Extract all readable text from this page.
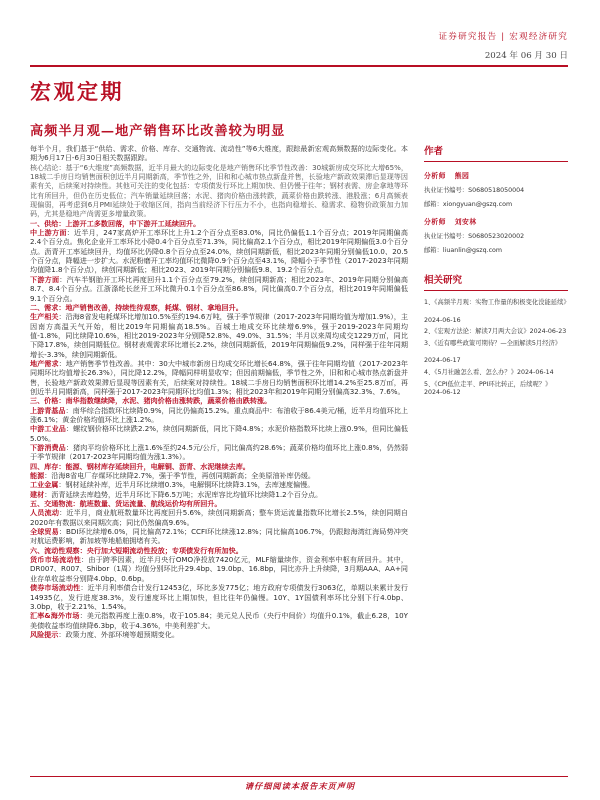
证券研究报告 | 宏观经济研究
2024 年 06 月 30 日
宏观定期
高频半月观—地产销售环比改善较为明显

每半个月，我们基于“供给、需求、价格、库存、交通物流、流动性”等6大维度，跟踪最新宏观高频数据的边际变化。本期为6月17日-6月30日相关数据跟踪。

核心结论：基于“6大维度”高频数据，近半月最大的边际变化是地产销售环比季节性改善：30城新房成交环比大增65%，18城二手房日均销售面积创近半月同期新高，季节性之外，旧和和心城市热点新盘并售，长验地产新政效果滞后显现等因素有关，后续案对持续性。其他可关注的变化包括：专项债发行环比上期加快、但仍慢于往年；钢材表需、房企拿地等环比有所回升，但仍在历史低位；汽车销量延续回落；水泥、猪肉价格由涨转跌，蔬菜价格由跌转涨、港股涨；6月高频表现偏弱，再考虑到6月PMI延续处于收缩区间，指向当前经济下行压力不小，也指向稳增长、稳需求、稳物价政策加力加码，尤其是稳地产尚需更多增量政策。

一、供给：上游开工多数回落，中下游开工延续回升。

中上游方面：近半月，247家高炉开工率环比上升1.2个百分点至83.0%，同比仍偏低1.1个百分点；2019年同期偏高2.4个百分点。焦化企业开工率环比小降0.4个百分点至71.3%，同比偏高2.1个百分点，相比2019年同期偏低3.0个百分点。沥青开工率延续回升，均值环比仍降0.8个百分点至24.0%，续创同期新低，相比2023年同期分别偏低10.0、20.5个百分点，降幅进一步扩大。水泥粉磨开工率均值环比微降0.9个百分点至43.1%，降幅小于季节性（2017-2023年同期均值降1.8个百分点），续创同期新低；相比2023、2019年同期分别偏低9.8、19.2个百分点。

下游方面：汽车半钢胎开工环比再度回升1.1个百分点至79.2%，续创同期新高；相比2023年、2019年同期分别偏高8.7、8.4个百分点。江浙涤纶长丝开工环比微升0.1个百分点至86.8%，同比偏高0.7个百分点，相比2019年同期偏低9.1个百分点。

二、需求：地产销售改善，持续性待观察，耗煤、钢材、拿地回升。

生产相关：沿海8省发电耗煤环比增加10.5%至约194.6万吨，强于季节规律（2017-2023年同期均值为增加1.9%），主因南方高温天气开始，相比2019年同期偏高18.5%。百城土地成交环比续增6.9%，强于2019-2023年同期均值-1.8%，同比续降10.6%，相比2019-2023年分别降52.8%、49.0%、31.5%；半月以来周均成交1229万㎡，同比下降17.8%，续创同期低位。钢材表观需求环比增长2.2%，续创同期新低，2019年同期偏低9.2%，同样强于往年同期增长-3.3%，续创同期新低。

地产需求：地产销售季节性改善。其中：30大中城市新房日均成交环比增长64.8%，强于往年同期均值（2017-2023年同期环比均值增长26.3%），同比降12.2%，降幅同样明显收窄；但因前期偏低，季节性之外，旧和和心城市热点新盘并售，长验地产新政效果滞后显现等因素有关，后续案对持续性。18城二手房日均销售面积环比增14.2%至25.8万㎡，再创近半月同期新高，同样强于2017-2023年同期环比均值1.3%；相比2023年和2019年同期分别偏高32.3%、7.6%。

三、价格：南华指数继续降，水泥、猪肉价格由涨转跌，蔬菜价格由跌转涨。

上游青基品：南华综合指数环比续降0.9%，同比仍偏高15.2%。重点商品中：布油收于86.4美元/桶，近半月均值环比上涨6.1%；黄金价格均值环比上涨1.2%。

中游工业品：螺纹钢价格环比续跌2.2%，续创同期新低，同比下降4.8%；水泥价格指数环比续上涨0.9%，但同比偏低5.0%。

下游消费品：猪肉平均价格环比上涨1.6%至约24.5元/公斤，同比偏高约28.6%；蔬菜价格均值环比上涨0.8%，仍然弱于季节规律（2017-2023年同期均值为涨1.3%）。

四、库存：能源、钢材库存延续回升，电解铜、沥青、水泥继续去库。

能源：沿海8省电厂存煤环比续降2.7%，强于季节性，再创同期新高；全美原油补库仍缓。

工业金属：钢材延续补库，近半月环比续增0.3%，电解铜环比续降3.1%，去库速度偏慢。

建材：沥青延续去库趋势，近半月环比下降6.5万吨；水泥库容比均值环比续降1.2个百分点。

五、交通物流：航班数量、货运流量、航线运价均有所回升。

人员流动：近半月，商业航班数量环比再度回升5.6%，续创同期新高；整车货运流量指数环比增长2.5%，续创同期自2020年有数据以来同期次高；同比仍然偏高9.6%。

全球贸易：BDI环比续增6.0%，同比偏高72.1%；CCFI环比续涨12.8%；同比偏高106.7%，仍跟踪海湾红海局势冲突对航运费影响，新加坡等地船舶拥堵有关。

六、流动性观察：央行加大短期流动性投放；专项债发行有所加快。

货币市场流动性：由于跨季因素，近半月央行OMO净投放7420亿元，MLF缩量续作，资金利率中枢有所回升。其中，DR007、R007、Shibor（1周）均值分别环比升29.4bp、19.0bp、16.8bp，同比亦升上升续降，3月期AAA、AA+同业存单收益率分别降4.0bp、0.6bp。

债券市场流动性：近半月利率债合计发行12453亿，环比多发775亿；地方政府专项债发行3063亿，单期以来累计发行14935亿，发行进度38.3%，发行速度环比上期加快，但比往年仍偏慢。10Y、1Y国债利率环比分别下行4.0bp、3.0bp，收于2.21%、1.54%。

汇率&海外市场：美元指数再度上涨0.8%，收于105.84；美元兑人民币（央行中间价）均值升0.1%，截止6.28，10Y美债收益率均值续降6.3bp，收于4.36%，中美利差扩大。

风险提示：政策力度、外部环境等超预期变化。

作者
分析师 熊园
执业证书编号：S0680518050004
邮箱：xiongyuan@gszq.com
分析师 刘安林
执业证书编号：S0680523020002
邮箱：liuanlin@gszq.com
相关研究
1、《高频半月观：实物工作量的积极变化没能延续》
2024-06-16
2、《宏观方法论：解读7月两大会议》2024-06-23
3、《近有哪些政策可期待？—全面解读5月经济》
2024-06-17
4、《5月社融怎么看、怎么办？》2024-06-14
5、《CPI低位走平、PPI环比转正，后续呢？》2024-06-12
请仔细阅读本报告末页声明
